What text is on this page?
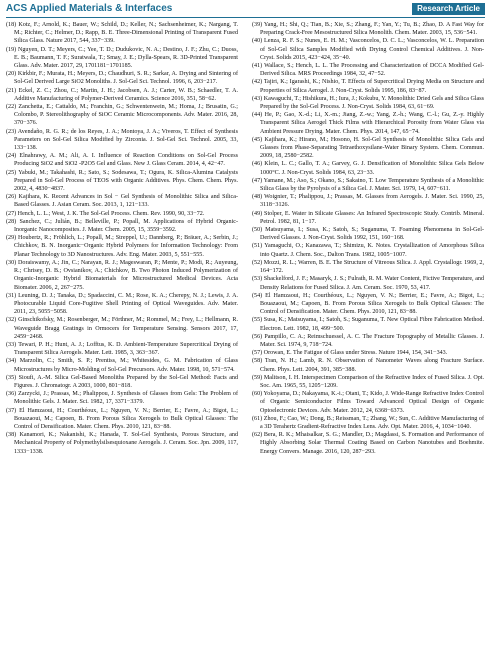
ACS Applied Materials & Interfaces	Research Article

(18) Kotz, F.; Arnold, K.; Bauer, W.; Schild, D.; Keller, N.; Sachsenheimer, K.; Nargang, T. M.; Richter, C.; Helmer, D.; Rapp, B. E. Three-Dimensional Printing of Transparent Fused Silica Glass. Nature 2017, 544, 337−339.

(19) Nguyen, D. T.; Meyers, C.; Yee, T. D.; Dudukovic, N. A.; Destino, J. F.; Zhu, C.; Duoss, E. B.; Baumann, T. F.; Suratwala, T.; Smay, J. E.; Dylla-Spears, R. 3D-Printed Transparent Glass. Adv. Mater. 2017, 29, 1701181−1701185.

(20) Kirkbir, F.; Murata, H.; Meyers, D.; Chaudhuri, S. R.; Sarkar, A. Drying and Sintering of Sol-Gel Derived Large SiO2 Monoliths. J. Sol-Gel Sci. Technol. 1996, 6, 203−217.

(21) Eckel, Z. C.; Zhou, C.; Martin, J. H.; Jacobsen, A. J.; Carter, W. B.; Schaedler, T. A. Additive Manufacturing of Polymer-Derived Ceramics. Science 2016, 351, 58−62.

(22) Zanchetta, E.; Cattaldo, M.; Franchin, G.; Schwentenwein, M.; Homa, J.; Brusatin, G.; Colombo, P. Stereolithography of SiOC Ceramic Microcomponents. Adv. Mater. 2016, 28, 370−376.

(23) Avendaño, R. G. R.; de los Reyes, J. A.; Montoya, J. A.; Viveros, T. Effect of Synthesis Parameters on Sol-Gel Silica Modified by Zirconia. J. Sol-Gel Sci. Technol. 2005, 33, 133−138.

(24) Elnahrawy, A. M.; Ali, A. I. Influence of Reaction Conditions on Sol-Gel Process Producing SiO2 and SiO2 -P2O5 Gel and Glass. New J. Glass Ceram. 2014, 4, 42−47.

(25) Yabuki, M.; Takahashi, R.; Sato, S.; Sodesawa, T.; Ogura, K. Silica-Alumina Catalysts Prepared in Sol-Gel Process of TEOS with Organic Additives. Phys. Chem. Chem. Phys. 2002, 4, 4830−4837.

(26) Kajihara, K. Recent Advances in Sol − Gel Synthesis of Monolithic Silica and Silica-Based Glasses. J. Asian Ceram. Soc. 2013, 1, 121−133.

(27) Hench, L. L.; West, J. K. The Sol-Gel Process. Chem. Rev. 1990, 90, 33−72.

(28) Sanchez, C.; Julián, B.; Belleville, P.; Popall, M. Applications of Hybrid Organic-Inorganic Nanocomposites. J. Mater. Chem. 2005, 15, 3559−3592.

(29) Houbertz, R.; Fröhlich, L.; Popall, M.; Streppel, U.; Dannberg, P.; Bräuer, A.; Serbin, J.; Chichkov, B. N. Inorganic−Organic Hybrid Polymers for Information Technology: From Planar Technology to 3D Nanostructures. Adv. Eng. Mater. 2003, 5, 551−555.

(30) Doraiswamy, A.; Jin, C.; Narayan, R. J.; Mageswaran, P.; Mente, P.; Modi, R.; Auyeung, R.; Chrisey, D. B.; Ovsianikov, A.; Chichkov, B. Two Photon Induced Polymerization of Organic-Inorganic Hybrid Biomaterials for Microstructured Medical Devices. Acta Biomater. 2006, 2, 267−275.

(31) Leuning, D. J.; Tanaka, D.; Spadaccini, C. M.; Rose, K. A.; Cherepy, N. J.; Lewis, J. A. Photocurable Liquid Core-Fugitive Shell Printing of Optical Waveguides. Adv. Mater. 2011, 23, 5055−5058.

(32) Ginschikofsky, M.; Rosenberger, M.; Förthner, M.; Rommel, M.; Frey, L.; Hellmann, R. Waveguide Bragg Gratings in Ormocers for Temperature Sensing. Sensors 2017, 17, 2459−2468.

(33) Tewari, P. H.; Hunt, A. J.; Lofftus, K. D. Ambient-Temperature Supercritical Drying of Transparent Silica Aerogels. Mater. Lett. 1985, 3, 363−367.

(34) Marzolin, C.; Smith, S. P.; Prentiss, M.; Whitesides, G. M. Fabrication of Glass Microstructures by Micro-Molding of Sol-Gel Precursors. Adv. Mater. 1998, 10, 571−574.

(35) Sioufi, A.-M. Silica Gel-Based Monoliths Prepared by the Sol-Gel Method: Facts and Figures. J. Chromatogr. A 2003, 1000, 801−818.

(36) Zarzycki, J.; Prassas, M.; Phalippou, J. Synthesis of Glasses from Gels: The Problem of Monolithic Gels. J. Mater. Sci. 1982, 17, 3371−3379.

(37) El Hamzaoui, H.; Courthéoux, L.; Nguyen, V. N.; Berrier, E.; Favre, A.; Bigot, L.; Bouazaoui, M.; Capoen, B. From Porous Silica Xerogels to Bulk Optical Glasses: The Control of Densification. Mater. Chem. Phys. 2010, 121, 83−88.

(38) Kanamori, K.; Nakanishi, K.; Hanada, T. Sol-Gel Synthesis, Porous Structure, and Mechanical Property of Polymethylsilsesquioxane Aerogels. J. Ceram. Soc. Jpn. 2009, 117, 1333−1338.

(39) Yang, H.; Shi, Q.; Tian, B.; Xie, S.; Zhang, F.; Yan, Y.; Tu, B.; Zhao, D. A Fast Way for Preparing Crack-Free Mesostructured Silica Monolith. Chem. Mater. 2003, 15, 536−541.

(40) Lenza, R. F. S.; Nunes, E. H. M.; Vasconcelos, D. C. L.; Vasconcelos, W. L. Preparation of Sol-Gel Silica Samples Modified with Drying Control Chemical Additives. J. Non-Cryst. Solids 2015, 423−424, 35−40.

(41) Wallace, S.; Hench, L. L. The Processing and Characterization of DCCA Modified Gel-Derived Silica. MRS Proceedings 1984, 32, 47−52.

(42) Tajiri, K.; Igarashi, K.; Nishio, T. Effects of Supercritical Drying Media on Structure and Properties of Silica Aerogel. J. Non-Cryst. Solids 1995, 186, 83−87.

(43) Kawaguchi, T.; Hishikura, H.; Iura, J.; Kokubu, Y. Monolithic Dried Gels and Silica Glass Prepared by the Sol-Gel Process. J. Non-Cryst. Solids 1984, 63, 61−69.

(44) He, P.; Gao, X.-d.; Li, X.-m.; Jiang, Z.-w.; Yang, Z.-h.; Wang, C.-l.; Gu, Z.-y. Highly Transparent Silica Aerogel Thick Films with Hierarchical Porosity from Water Glass via Ambient Pressure Drying. Mater. Chem. Phys. 2014, 147, 65−74.

(45) Kajihara, K.; Hirano, M.; Hosono, H. Sol-Gel Synthesis of Monolithic Silica Gels and Glasses from Phase-Separating Tetraethoxysilane-Water Binary System. Chem. Commun. 2009, 18, 2580−2582.

(46) Klein, L. C.; Gallo, T. A.; Garvey, G. J. Densification of Monolithic Silica Gels Below 1000°C. J. Non-Cryst. Solids 1984, 63, 23−33.

(47) Yamane, M.; Aso, S.; Okano, S.; Sakaino, T. Low Temperature Synthesis of a Monolithic Silica Glass by the Pyrolysis of a Silica Gel. J. Mater. Sci. 1979, 14, 607−611.

(48) Woignier, T.; Phalippou, J.; Prassas, M. Glasses from Aerogels. J. Mater. Sci. 1990, 25, 3118−3126.

(49) Stolper, E. Water in Silicate Glasses: An Infrared Spectroscopic Study. Contrib. Mineral. Petrol. 1982, 81, 1−17.

(50) Matsuyama, I.; Susa, K.; Satoh, S.; Suganuma, T. Foaming Phenomena in Sol-Gel-Derived Glasses. J. Non-Cryst. Solids 1992, 151, 160−168.

(51) Yamaguchi, O.; Kanazawa, T.; Shimizu, K. Notes. Crystallization of Amorphous Silica into Quartz. J. Chem. Soc., Dalton Trans. 1982, 1005−1007.

(52) Mozzi, R. L.; Warren, B. E. The Structure of Vitreous Silica. J. Appl. Crystallogr. 1969, 2, 164−172.

(53) Shackelford, J. F.; Masaryk, J. S.; Fulrath, R. M. Water Content, Fictive Temperature, and Density Relations for Fused Silica. J. Am. Ceram. Soc. 1970, 53, 417.

(54) El Hamzaoui, H.; Courthéoux, L.; Nguyen, V. N.; Berrier, E.; Favre, A.; Bigot, L.; Bouazaoui, M.; Capoen, B. From Porous Silica Xerogels to Bulk Optical Glasses: The Control of Densification. Mater. Chem. Phys. 2010, 121, 83−88.

(55) Susa, K.; Matsuyama, I.; Satoh, S.; Suganuma, T. New Optical Fibre Fabrication Method. Electron. Lett. 1982, 18, 499−500.

(56) Pampillo, C. A.; Reimschuessel, A. C. The Fracture Topography of Metallic Glasses. J. Mater. Sci. 1974, 9, 718−724.

(57) Orowan, E. The Fatigue of Glass under Stress. Nature 1944, 154, 341−343.

(58) Tran, N. H.; Lamb, R. N. Observation of Nanometer Waves along Fracture Surface. Chem. Phys. Lett. 2004, 391, 385−388.

(59) Malitson, I. H. Interspecimen Comparison of the Refractive Index of Fused Silica. J. Opt. Soc. Am. 1965, 55, 1205−1209.

(60) Yokoyama, D.; Nakayama, K.-i.; Otani, T.; Kido, J. Wide-Range Refractive Index Control of Organic Semiconductor Films Toward Advanced Optical Design of Organic Optoelectronic Devices. Adv. Mater. 2012, 24, 6368−6373.

(61) Zhou, F.; Cao, W.; Dong, B.; Reissman, T.; Zhang, W.; Sun, C. Additive Manufacturing of a 3D Terahertz Gradient-Refractive Index Lens. Adv. Opt. Mater. 2016, 4, 1034−1040.

(62) Bera, R. K.; Mhaisalkar, S. G.; Mandler, D.; Magdassi, S. Formation and Performance of Highly Absorbing Solar Thermal Coating Based on Carbon Nanotubes and Boehmite. Energy Convers. Manage. 2016, 120, 287−293.
